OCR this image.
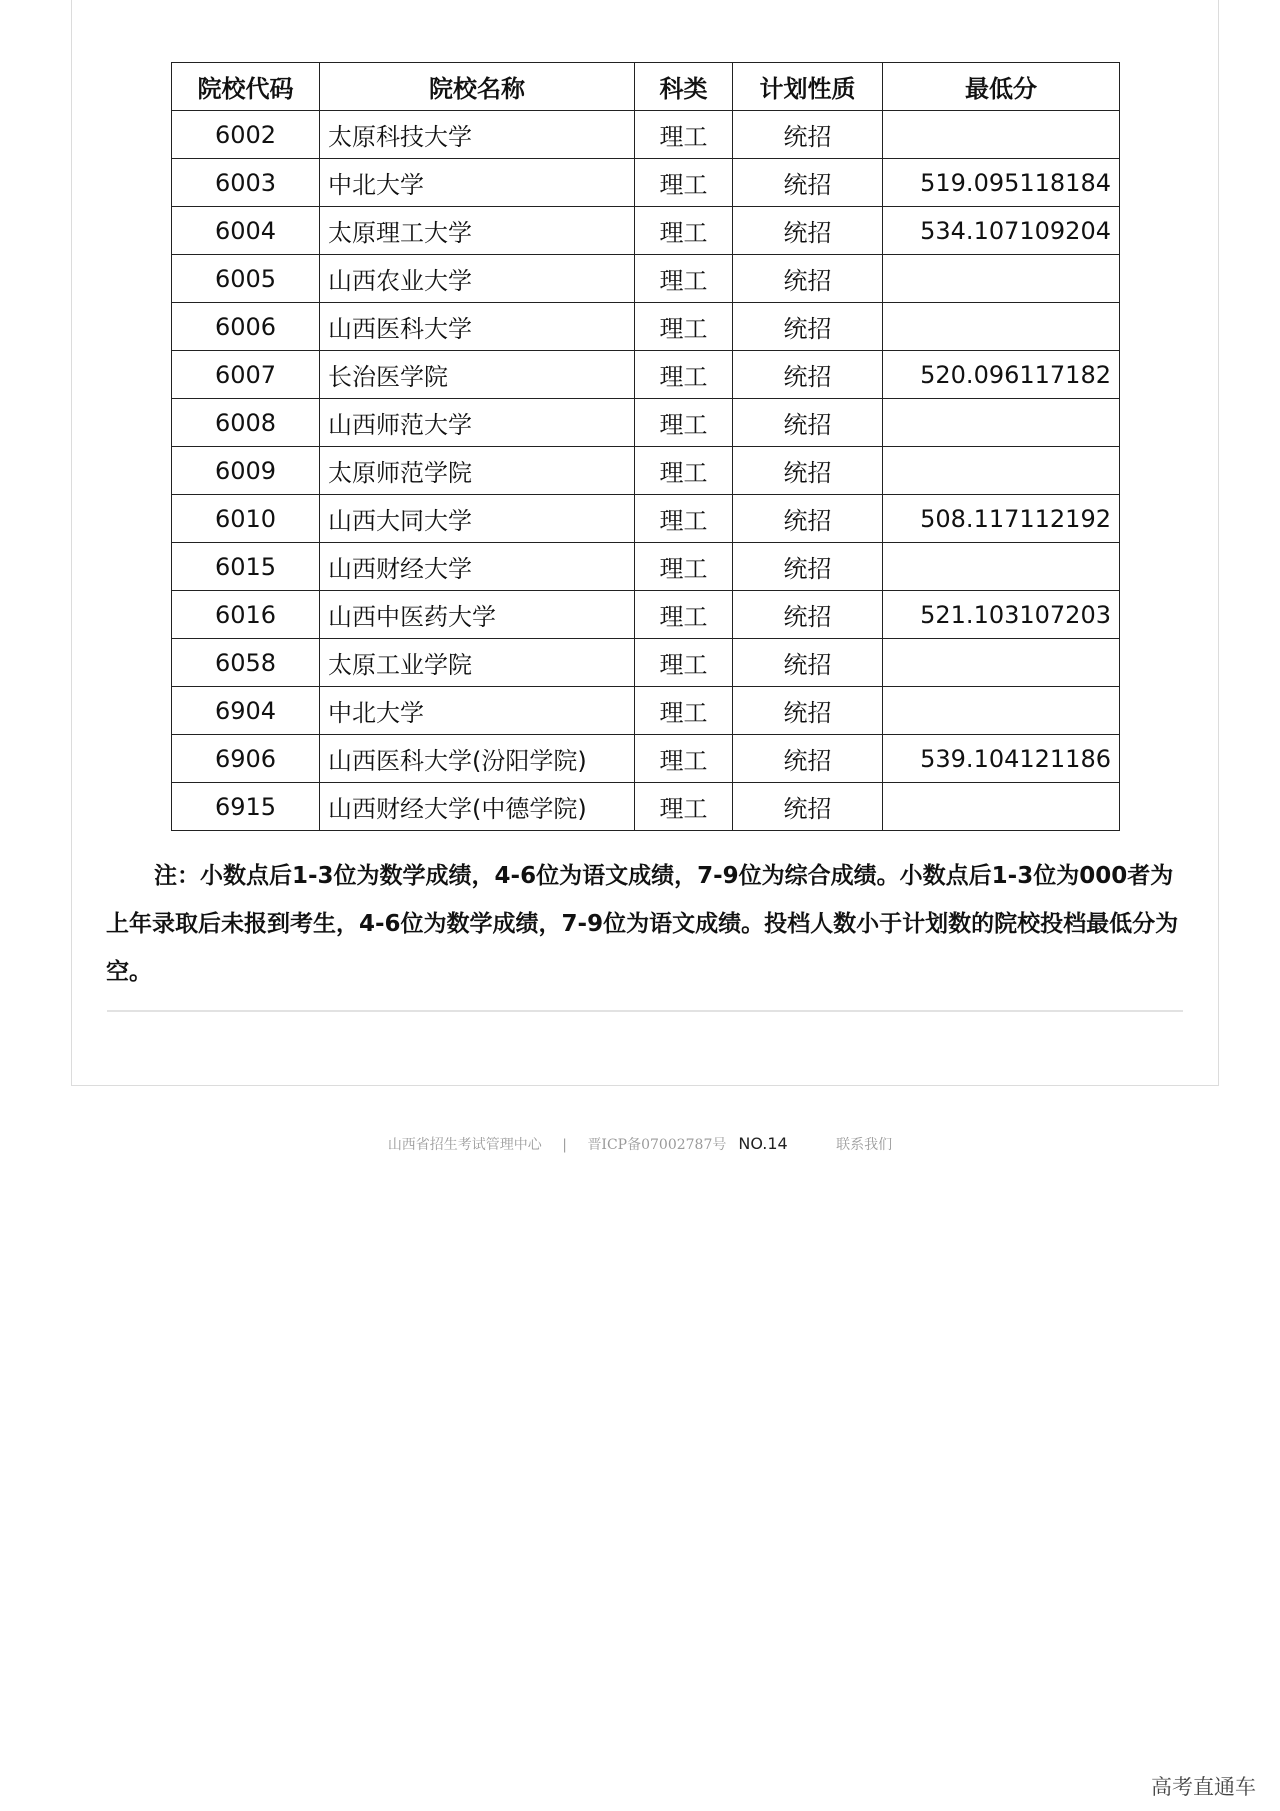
院校代码	院校名称	科类	计划性质	最低分
6002	太原科技大学	理工	统招	
6003	中北大学	理工	统招	519.095118184
6004	太原理工大学	理工	统招	534.107109204
6005	山西农业大学	理工	统招	
6006	山西医科大学	理工	统招	
6007	长治医学院	理工	统招	520.096117182
6008	山西师范大学	理工	统招	
6009	太原师范学院	理工	统招	
6010	山西大同大学	理工	统招	508.117112192
6015	山西财经大学	理工	统招	
6016	山西中医药大学	理工	统招	521.103107203
6058	太原工业学院	理工	统招	
6904	中北大学	理工	统招	
6906	山西医科大学(汾阳学院)	理工	统招	539.104121186
6915	山西财经大学(中德学院)	理工	统招	

注：小数点后1-3位为数学成绩，4-6位为语文成绩，7-9位为综合成绩。小数点后1-3位为000者为上年录取后未报到考生，4-6位为数学成绩，7-9位为语文成绩。投档人数小于计划数的院校投档最低分为空。

山西省招生考试管理中心 | 晋ICP备07002787号 NO.14	联系我们
高考直通车
